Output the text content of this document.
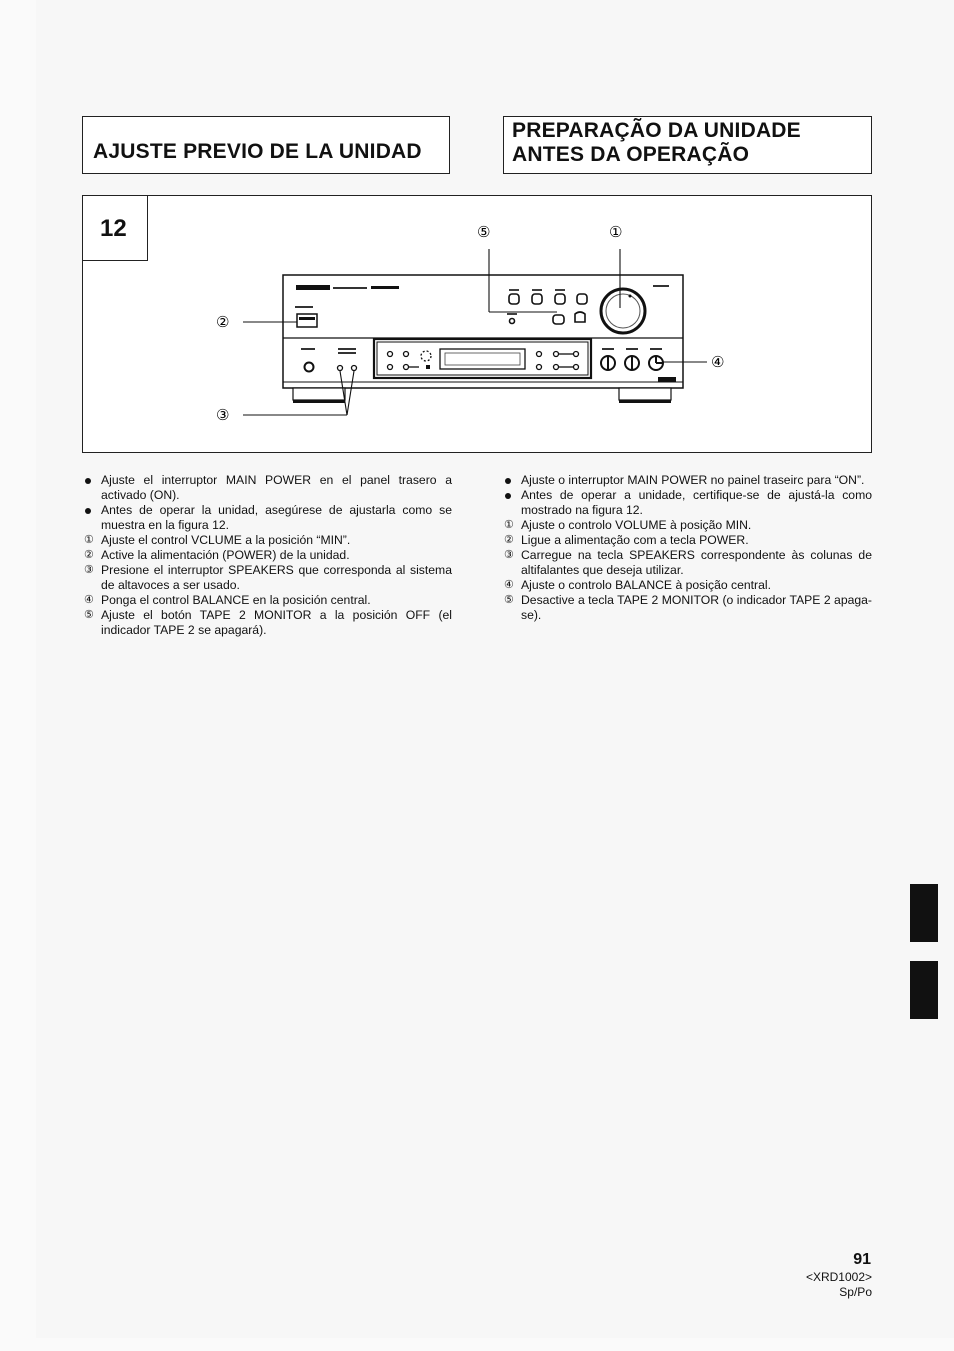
AJUSTE PREVIO DE LA UNIDAD
PREPARAÇÃO DA UNIDADE
ANTES DA OPERAÇÃO
12	⑤	①
②
④
③
Ajuste el interruptor MAIN POWER en el panel trasero a activado (ON).
Antes de operar la unidad, asegúrese de ajustarla como se muestra en la figura 12.
① Ajuste el control VCLUME a la posición “MIN”.
② Active la alimentación (POWER) de la unidad.
③ Presione el interruptor SPEAKERS que corresponda al sistema de altavoces a ser usado.
④ Ponga el control BALANCE en la posición central.
⑤ Ajuste el botón TAPE 2 MONITOR a la posición OFF (el indicador TAPE 2 se apagará).
Ajuste o interruptor MAIN POWER no painel traseirc para “ON”.
Antes de operar a unidade, certifique-se de ajustá-la como mostrado na figura 12.
① Ajuste o controlo VOLUME à posição MIN.
② Ligue a alimentação com a tecla POWER.
③ Carregue na tecla SPEAKERS correspondente às colunas de altifalantes que deseja utilizar.
④ Ajuste o controlo BALANCE à posição central.
⑤ Desactive a tecla TAPE 2 MONITOR (o indicador TAPE 2 apaga-se).
91
<XRD1002>
Sp/Po
